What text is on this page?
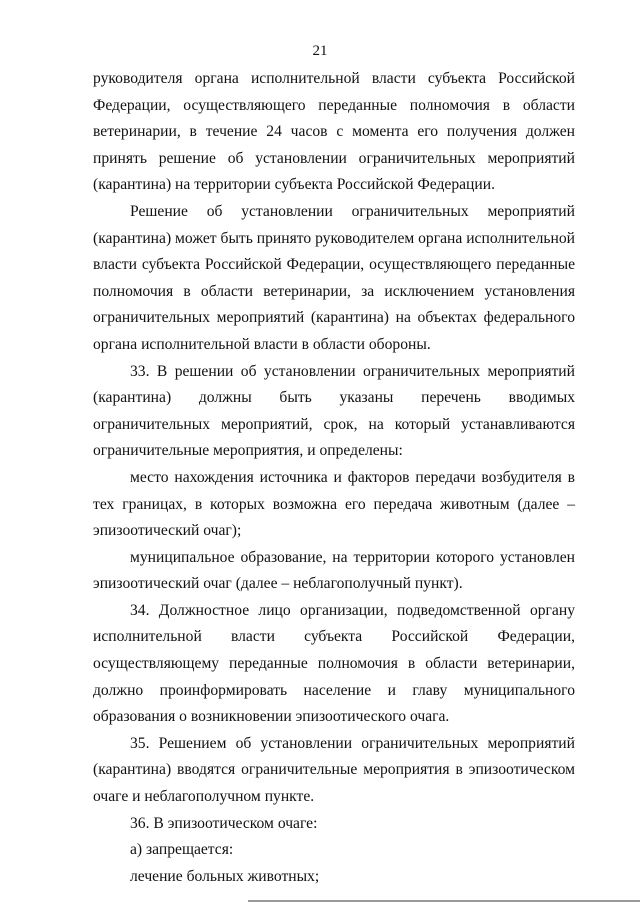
21

руководителя органа исполнительной власти субъекта Российской Федерации, осуществляющего переданные полномочия в области ветеринарии, в течение 24 часов с момента его получения должен принять решение об установлении ограничительных мероприятий (карантина) на территории субъекта Российской Федерации.

Решение об установлении ограничительных мероприятий (карантина) может быть принято руководителем органа исполнительной власти субъекта Российской Федерации, осуществляющего переданные полномочия в области ветеринарии, за исключением установления ограничительных мероприятий (карантина) на объектах федерального органа исполнительной власти в области обороны.

33. В решении об установлении ограничительных мероприятий (карантина) должны быть указаны перечень вводимых ограничительных мероприятий, срок, на который устанавливаются ограничительные мероприятия, и определены:

место нахождения источника и факторов передачи возбудителя в тех границах, в которых возможна его передача животным (далее – эпизоотический очаг);

муниципальное образование, на территории которого установлен эпизоотический очаг (далее – неблагополучный пункт).

34. Должностное лицо организации, подведомственной органу исполнительной власти субъекта Российской Федерации, осуществляющему переданные полномочия в области ветеринарии, должно проинформировать население и главу муниципального образования о возникновении эпизоотического очага.

35. Решением об установлении ограничительных мероприятий (карантина) вводятся ограничительные мероприятия в эпизоотическом очаге и неблагополучном пункте.

36. В эпизоотическом очаге:

а) запрещается:

лечение больных животных;
